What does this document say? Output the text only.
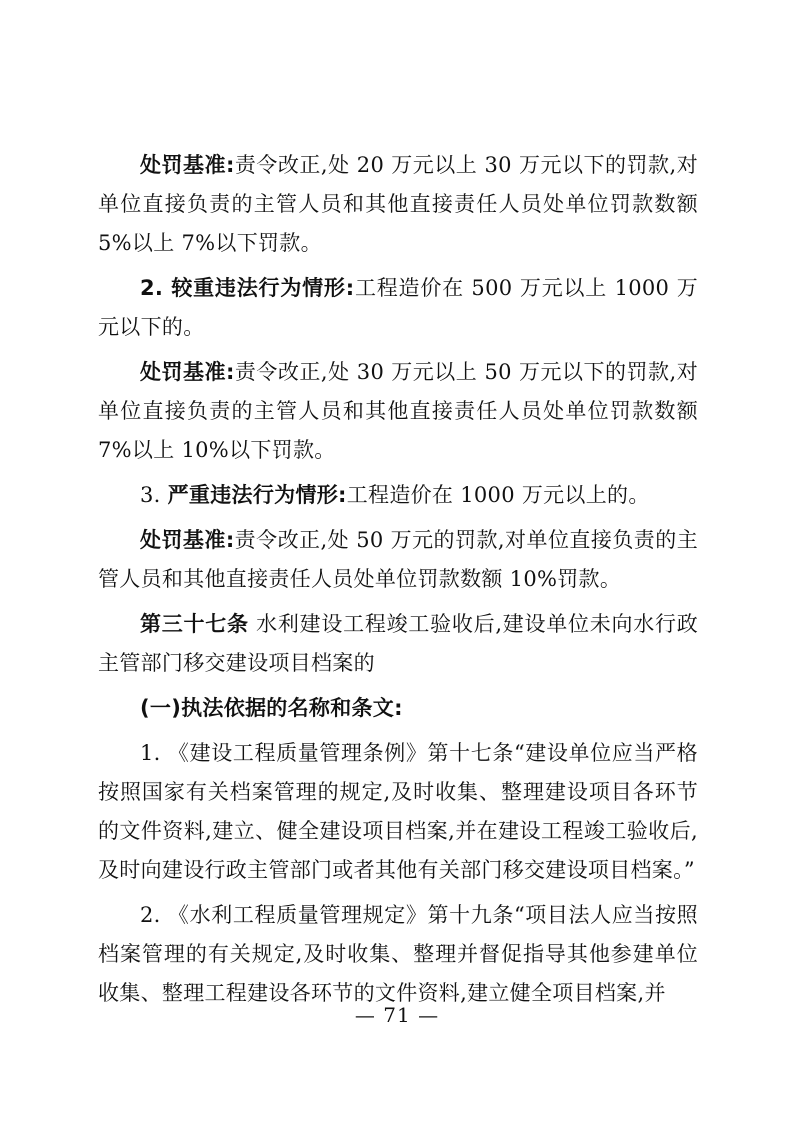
处罚基准:责令改正,处 20 万元以上 30 万元以下的罚款,对单位直接负责的主管人员和其他直接责任人员处单位罚款数额 5%以上 7%以下罚款。

2. 较重违法行为情形:工程造价在 500 万元以上 1000 万元以下的。

处罚基准:责令改正,处 30 万元以上 50 万元以下的罚款,对单位直接负责的主管人员和其他直接责任人员处单位罚款数额 7%以上 10%以下罚款。

3. 严重违法行为情形:工程造价在 1000 万元以上的。

处罚基准:责令改正,处 50 万元的罚款,对单位直接负责的主管人员和其他直接责任人员处单位罚款数额 10%罚款。

第三十七条 水利建设工程竣工验收后,建设单位未向水行政主管部门移交建设项目档案的

(一)执法依据的名称和条文:

1. 《建设工程质量管理条例》第十七条“建设单位应当严格按照国家有关档案管理的规定,及时收集、整理建设项目各环节的文件资料,建立、健全建设项目档案,并在建设工程竣工验收后,及时向建设行政主管部门或者其他有关部门移交建设项目档案。”

2. 《水利工程质量管理规定》第十九条“项目法人应当按照档案管理的有关规定,及时收集、整理并督促指导其他参建单位收集、整理工程建设各环节的文件资料,建立健全项目档案,并

— 71 —
